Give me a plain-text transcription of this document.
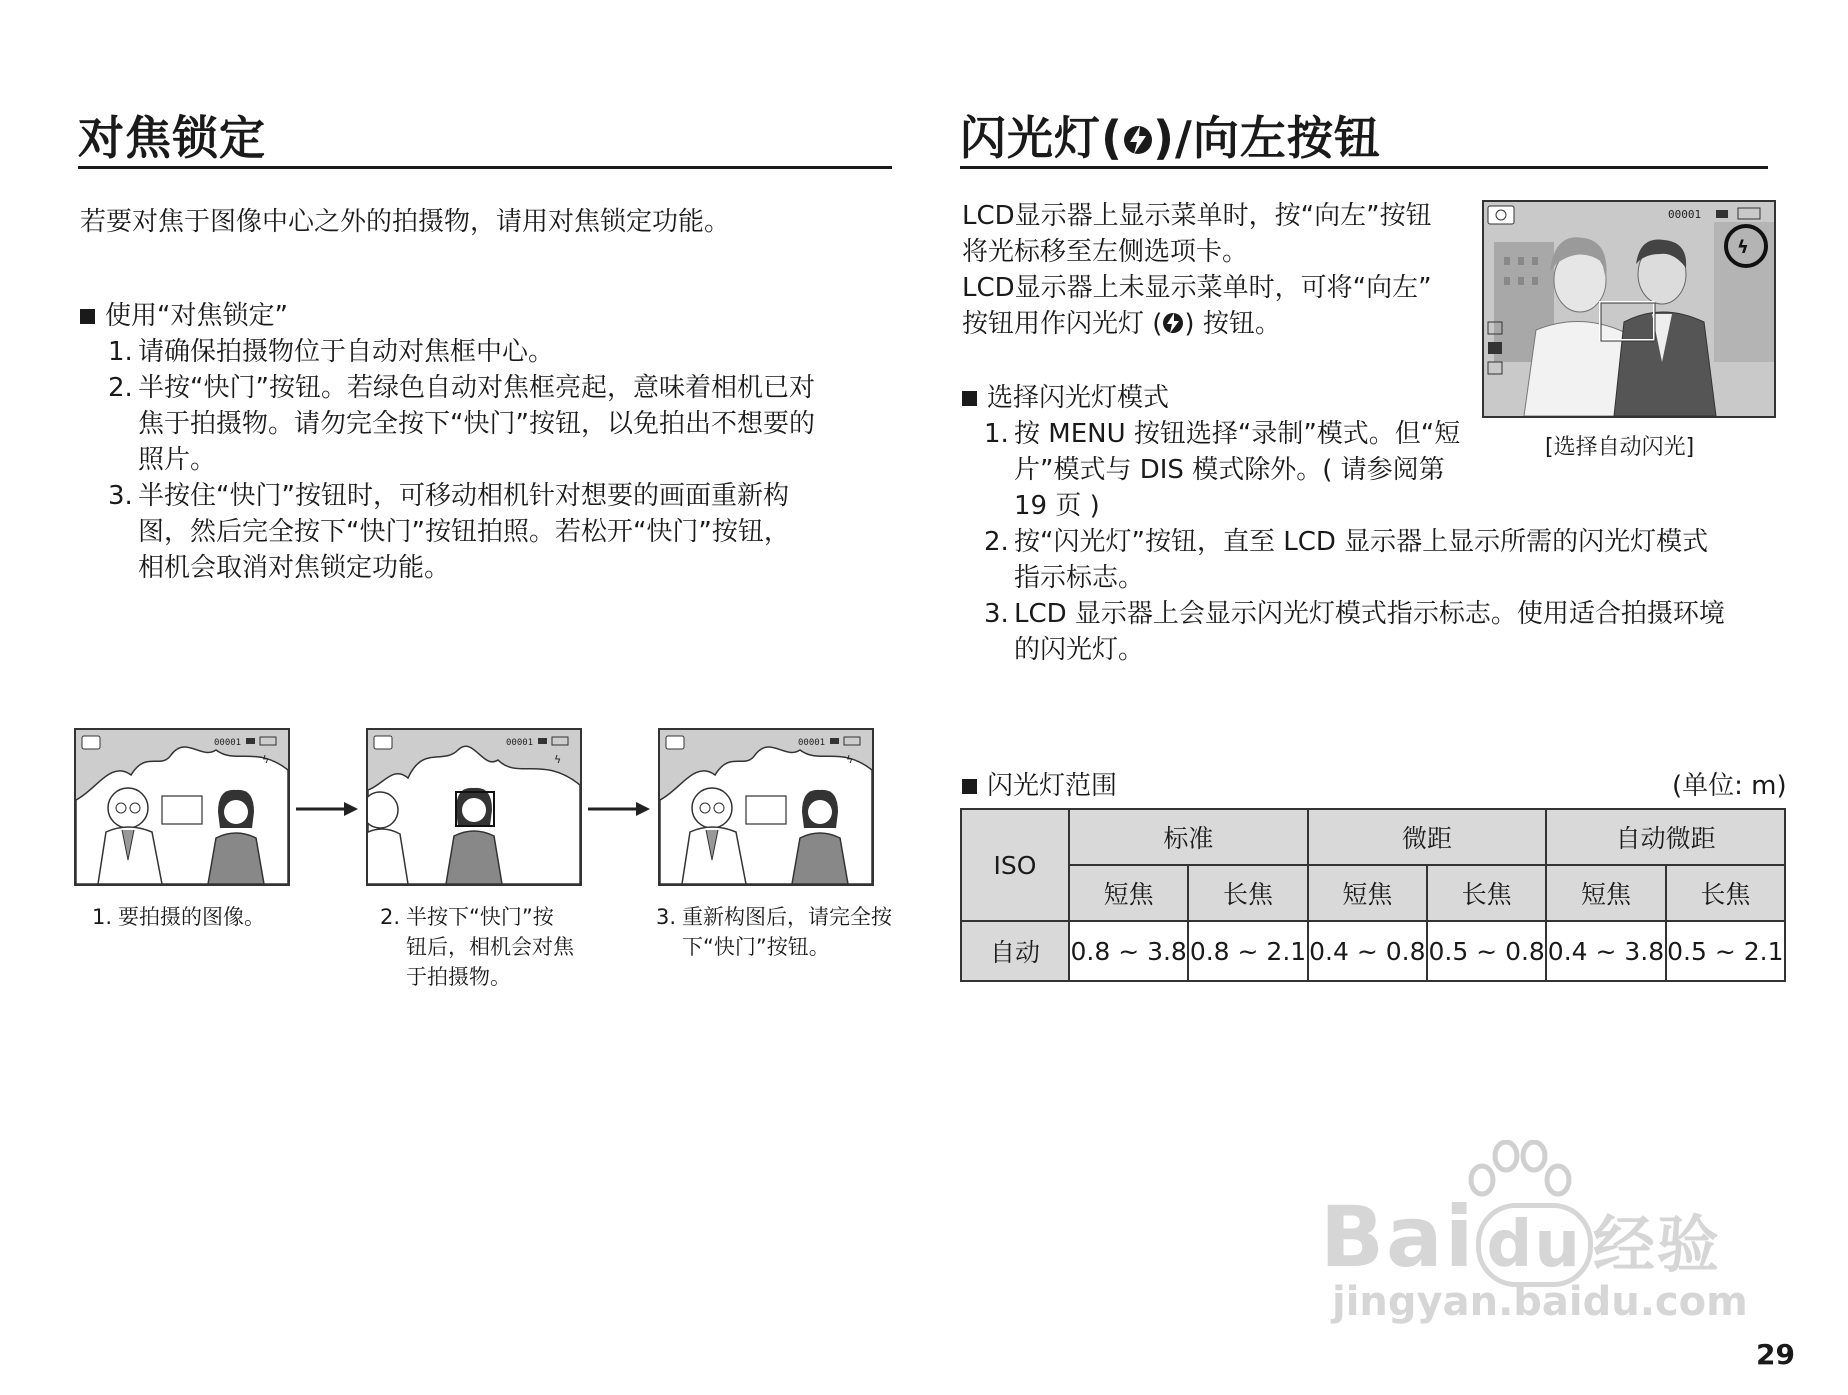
对焦锁定

若要对焦于图像中心之外的拍摄物，请用对焦锁定功能。

使用“对焦锁定”
1. 请确保拍摄物位于自动对焦框中心。
2. 半按“快门”按钮。若绿色自动对焦框亮起，意味着相机已对
焦于拍摄物。请勿完全按下“快门”按钮，以免拍出不想要的
照片。
3. 半按住“快门”按钮时，可移动相机针对想要的画面重新构
图，然后完全按下“快门”按钮拍照。若松开“快门”按钮，
相机会取消对焦锁定功能。
00001
ϟ
1. 要拍摄的图像。
00001
ϟ
2. 半按下“快门”按
钮后，相机会对焦
于拍摄物。
00001
ϟ
3. 重新构图后，请完全按
下“快门”按钮。
闪光灯( )/向左按钮
LCD显示器上显示菜单时，按“向左”按钮
将光标移至左侧选项卡。
LCD显示器上未显示菜单时，可将“向左”
按钮用作闪光灯 ( ) 按钮。
00001
ϟ
[选择自动闪光]
选择闪光灯模式
1. 按 MENU 按钮选择“录制”模式。但“短
片”模式与 DIS 模式除外。( 请参阅第
19 页 )
2. 按“闪光灯”按钮，直至 LCD 显示器上显示所需的闪光灯模式
指示标志。
3. LCD 显示器上会显示闪光灯模式指示标志。使用适合拍摄环境
的闪光灯。
闪光灯范围	(单位: m)
ISO	标准		微距		自动微距	
	短焦	长焦	短焦	长焦	短焦	长焦
自动	0.8 ~ 3.8	0.8 ~ 2.1	0.4 ~ 0.8	0.5 ~ 0.8	0.4 ~ 3.8	0.5 ~ 2.1
Bai du 经验
jingyan.baidu.com
29
